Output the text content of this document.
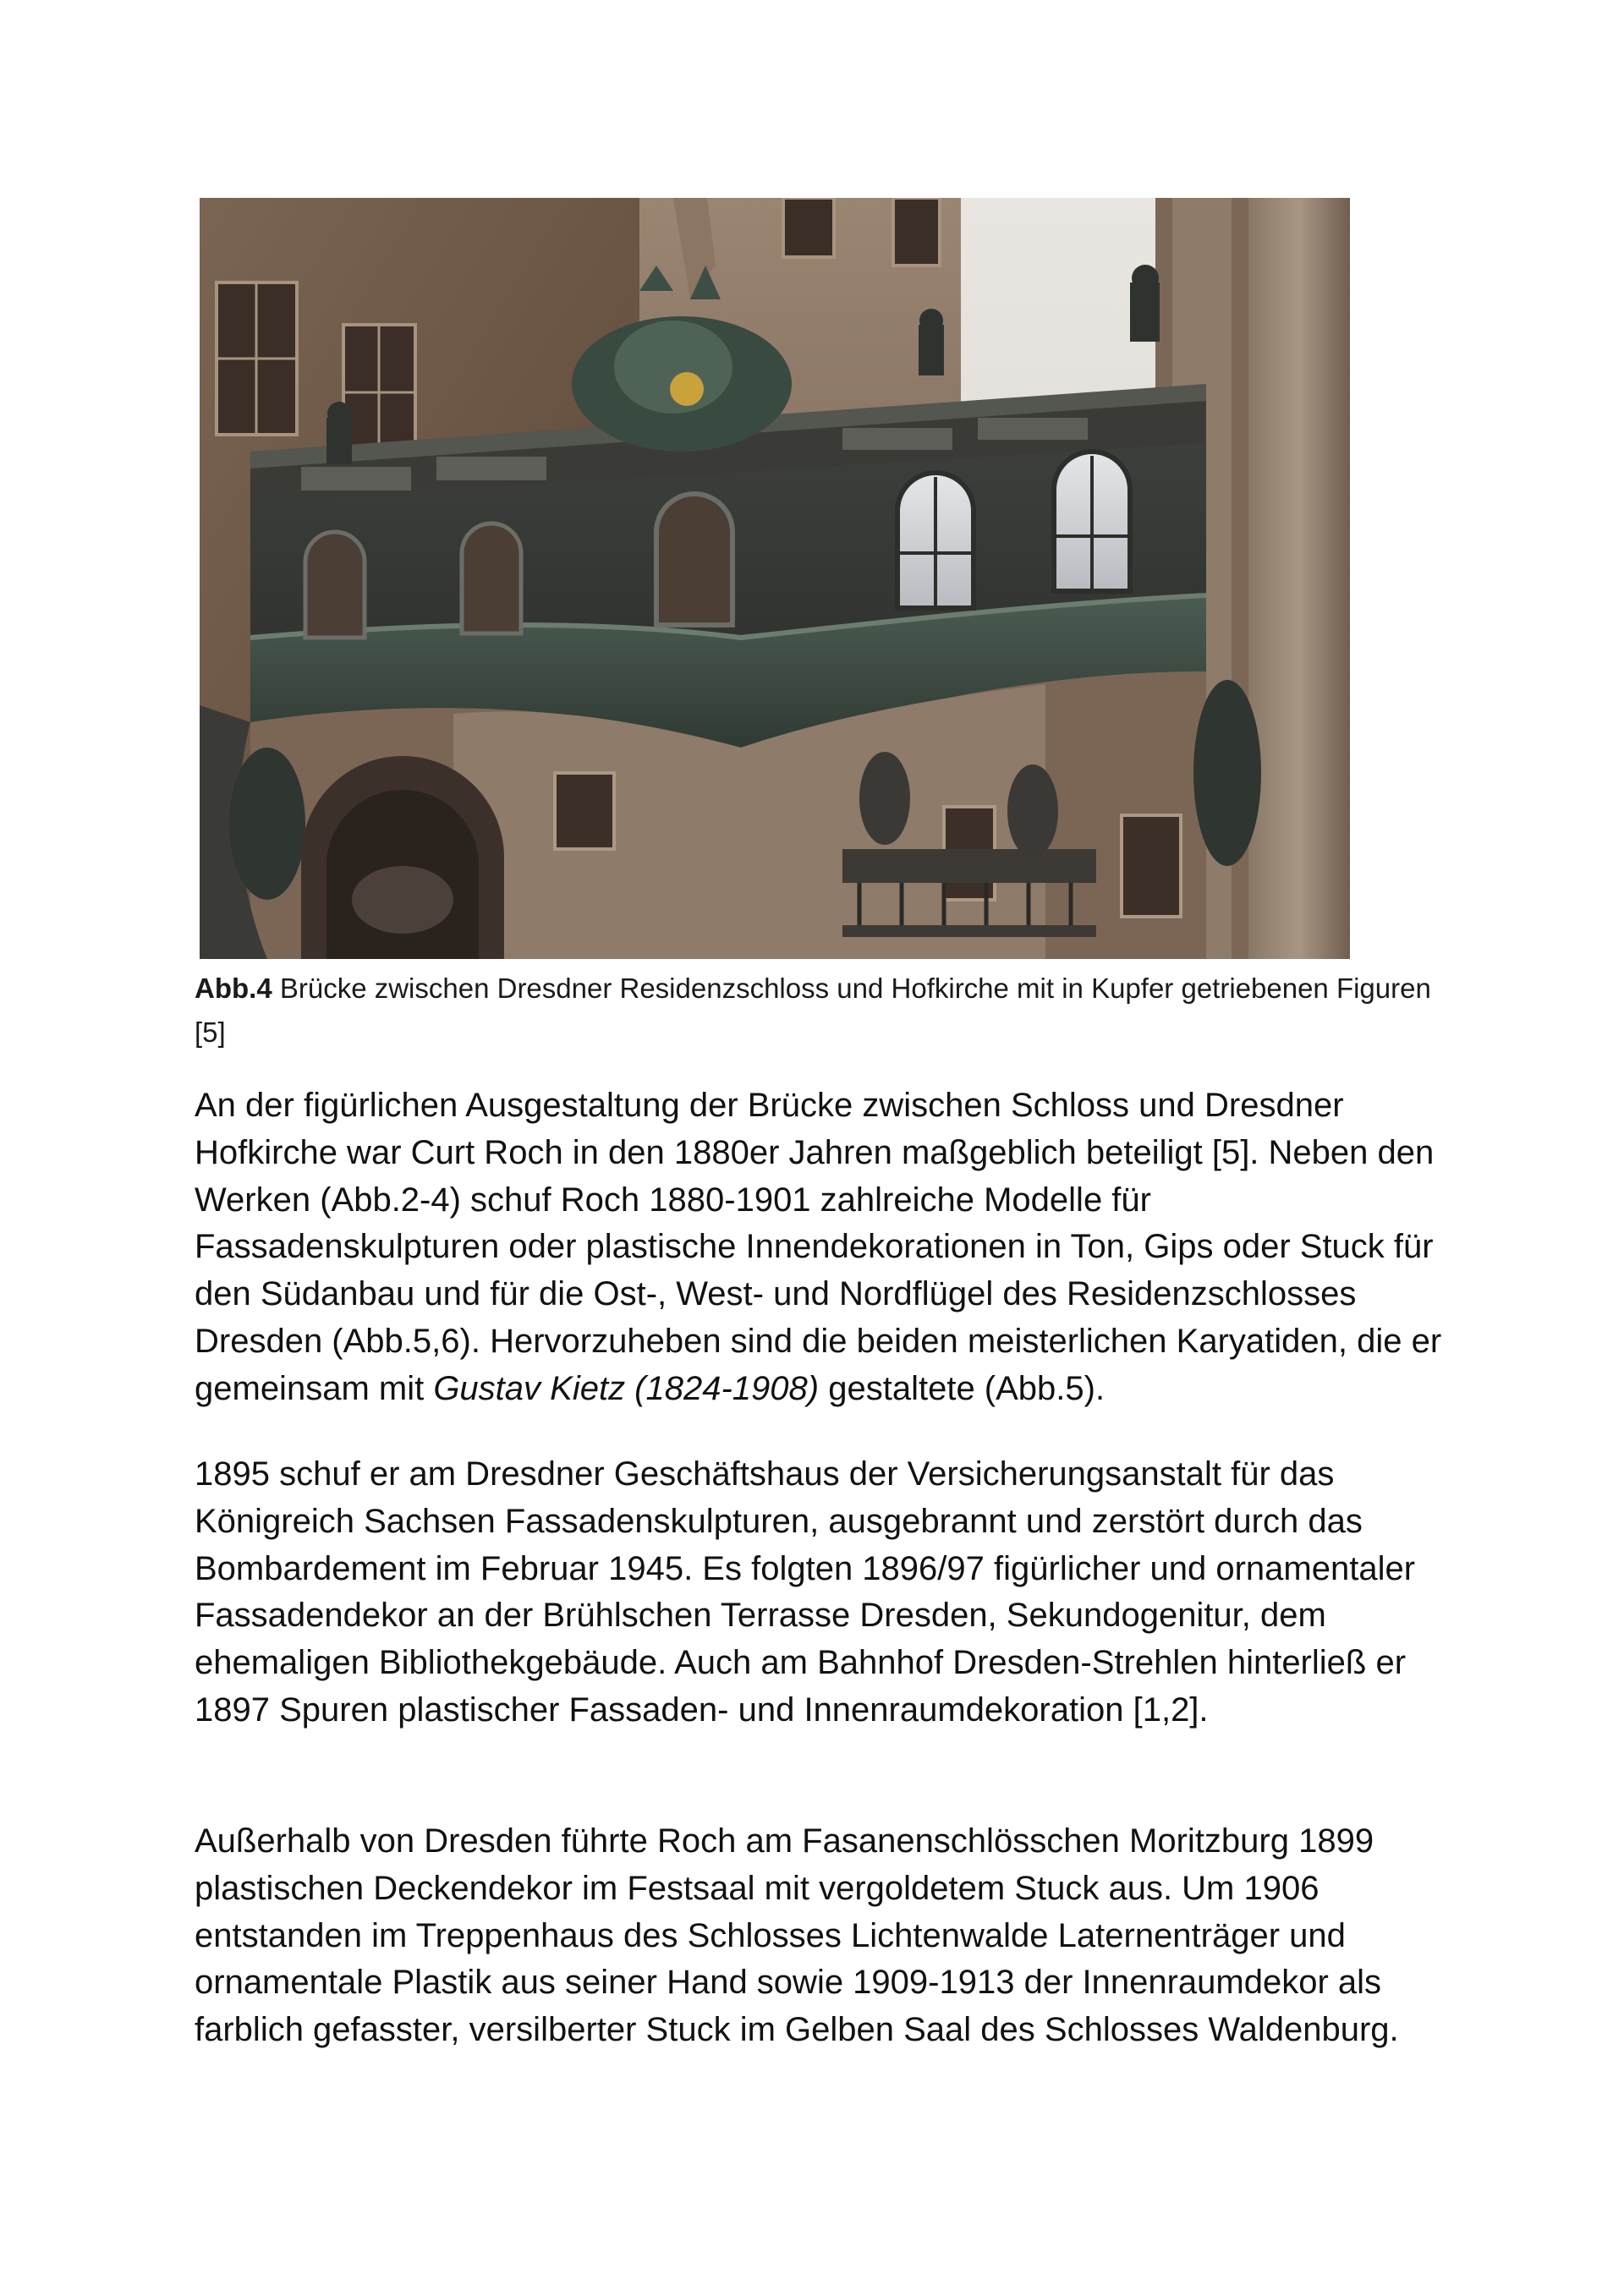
Abb.4 Brücke zwischen Dresdner Residenzschloss und Hofkirche mit in Kupfer getriebenen Figuren [5]
An der figürlichen Ausgestaltung der Brücke zwischen Schloss und Dresdner Hofkirche war Curt Roch in den 1880er Jahren maßgeblich beteiligt [5]. Neben den Werken (Abb.2-4) schuf Roch 1880-1901 zahlreiche Modelle für Fassadenskulpturen oder plastische Innendekorationen in Ton, Gips oder Stuck für den Südanbau und für die Ost-, West- und Nordflügel des Residenzschlosses Dresden (Abb.5,6). Hervorzuheben sind die beiden meisterlichen Karyatiden, die er gemeinsam mit Gustav Kietz (1824-1908) gestaltete (Abb.5).
1895 schuf er am Dresdner Geschäftshaus der Versicherungsanstalt für das Königreich Sachsen Fassadenskulpturen, ausgebrannt und zerstört durch das Bombardement im Februar 1945. Es folgten 1896/97 figürlicher und ornamentaler Fassadendekor an der Brühlschen Terrasse Dresden, Sekundogenitur, dem ehemaligen Bibliothekgebäude. Auch am Bahnhof Dresden-Strehlen hinterließ er 1897 Spuren plastischer Fassaden- und Innenraumdekoration [1,2].
Außerhalb von Dresden führte Roch am Fasanenschlösschen Moritzburg 1899 plastischen Deckendekor im Festsaal mit vergoldetem Stuck aus. Um 1906 entstanden im Treppenhaus des Schlosses Lichtenwalde Laternenträger und ornamentale Plastik aus seiner Hand sowie 1909-1913 der Innenraumdekor als farblich gefasster, versilberter Stuck im Gelben Saal des Schlosses Waldenburg.
